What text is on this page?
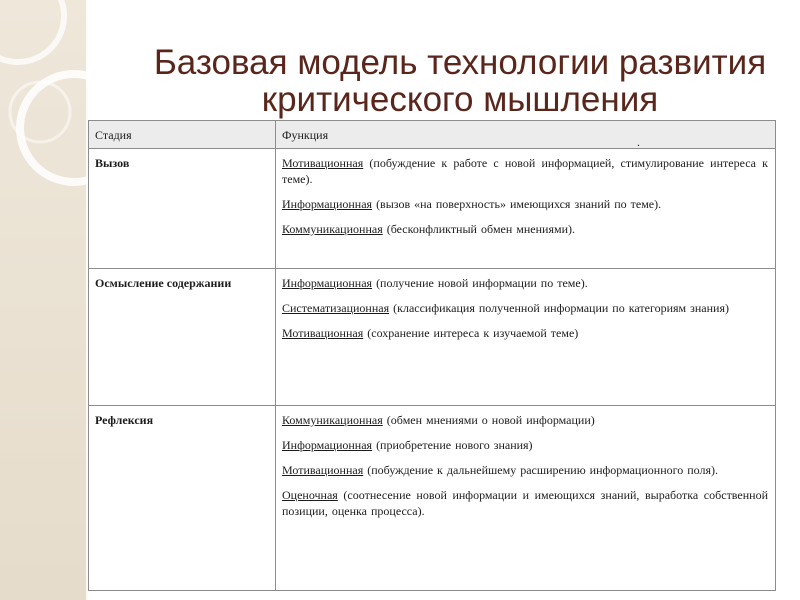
Базовая модель технологии развития
критического мышления
Стадия	Функция .

Вызов	Мотивационная (побуждение к работе с новой информацией, стимулирование интереса к теме).

Информационная (вызов «на поверхность» имеющихся знаний по теме).

Коммуникационная (бесконфликтный обмен мнениями).

Осмысление содержании	Информационная (получение новой информации по теме).

Систематизационная (классификация полученной информации по категориям знания)

Мотивационная (сохранение интереса к изучаемой теме)

Рефлексия	Коммуникационная (обмен мнениями о новой информации)

Информационная (приобретение нового знания)

Мотивационная (побуждение к дальнейшему расширению информационного поля).

Оценочная (соотнесение новой информации и имеющихся знаний, выработка собственной позиции, оценка процесса).
